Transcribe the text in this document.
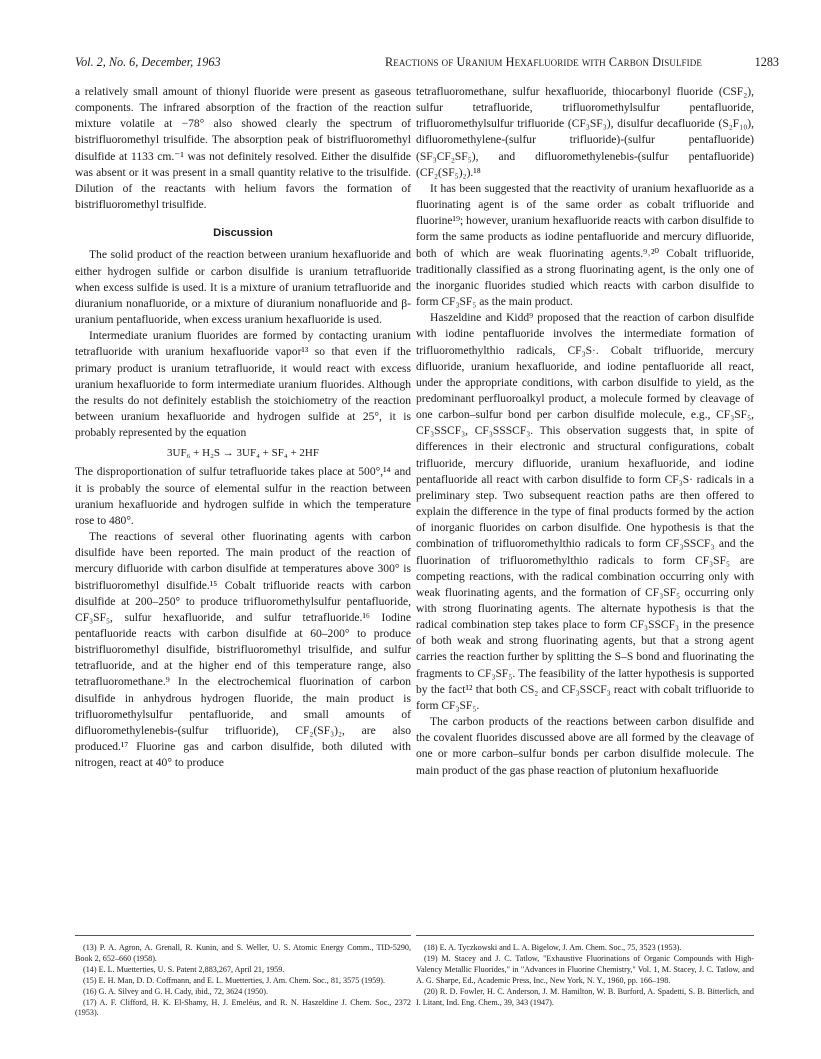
Vol. 2, No. 6, December, 1963	Reactions of Uranium Hexafluoride with Carbon Disulfide	1283

a relatively small amount of thionyl fluoride were present as gaseous components. The infrared absorption of the fraction of the reaction mixture volatile at −78° also showed clearly the spectrum of bistrifluoromethyl trisulfide. The absorption peak of bistrifluoromethyl disulfide at 1133 cm.⁻¹ was not definitely resolved. Either the disulfide was absent or it was present in a small quantity relative to the trisulfide. Dilution of the reactants with helium favors the formation of bistrifluoromethyl trisulfide.

Discussion

The solid product of the reaction between uranium hexafluoride and either hydrogen sulfide or carbon disulfide is uranium tetrafluoride when excess sulfide is used. It is a mixture of uranium tetrafluoride and diuranium nonafluoride, or a mixture of diuranium nonafluoride and β-uranium pentafluoride, when excess uranium hexafluoride is used.

Intermediate uranium fluorides are formed by contacting uranium tetrafluoride with uranium hexafluoride vapor¹³ so that even if the primary product is uranium tetrafluoride, it would react with excess uranium hexafluoride to form intermediate uranium fluorides. Although the results do not definitely establish the stoichiometry of the reaction between uranium hexafluoride and hydrogen sulfide at 25°, it is probably represented by the equation

3UF₆ + H₂S → 3UF₄ + SF₄ + 2HF

The disproportionation of sulfur tetrafluoride takes place at 500°,¹⁴ and it is probably the source of elemental sulfur in the reaction between uranium hexafluoride and hydrogen sulfide in which the temperature rose to 480°.

The reactions of several other fluorinating agents with carbon disulfide have been reported. The main product of the reaction of mercury difluoride with carbon disulfide at temperatures above 300° is bistrifluoromethyl disulfide.¹⁵ Cobalt trifluoride reacts with carbon disulfide at 200–250° to produce trifluoromethylsulfur pentafluoride, CF₃SF₅, sulfur hexafluoride, and sulfur tetrafluoride.¹⁶ Iodine pentafluoride reacts with carbon disulfide at 60–200° to produce bistrifluoromethyl disulfide, bistrifluoromethyl trisulfide, and sulfur tetrafluoride, and at the higher end of this temperature range, also tetrafluoromethane.⁹ In the electrochemical fluorination of carbon disulfide in anhydrous hydrogen fluoride, the main product is trifluoromethylsulfur pentafluoride, and small amounts of difluoromethylenebis-(sulfur trifluoride), CF₂(SF₃)₂, are also produced.¹⁷ Fluorine gas and carbon disulfide, both diluted with nitrogen, react at 40° to produce

tetrafluoromethane, sulfur hexafluoride, thiocarbonyl fluoride (CSF₂), sulfur tetrafluoride, trifluoromethylsulfur pentafluoride, trifluoromethylsulfur trifluoride (CF₃SF₃), disulfur decafluoride (S₂F₁₀), difluoromethylene-(sulfur trifluoride)-(sulfur pentafluoride) (SF₃CF₂SF₅), and difluoromethylenebis-(sulfur pentafluoride) (CF₂(SF₅)₂).¹⁸

It has been suggested that the reactivity of uranium hexafluoride as a fluorinating agent is of the same order as cobalt trifluoride and fluorine¹⁹; however, uranium hexafluoride reacts with carbon disulfide to form the same products as iodine pentafluoride and mercury difluoride, both of which are weak fluorinating agents.⁹˒²⁰ Cobalt trifluoride, traditionally classified as a strong fluorinating agent, is the only one of the inorganic fluorides studied which reacts with carbon disulfide to form CF₃SF₅ as the main product.

Haszeldine and Kidd⁹ proposed that the reaction of carbon disulfide with iodine pentafluoride involves the intermediate formation of trifluoromethylthio radicals, CF₃S·. Cobalt trifluoride, mercury difluoride, uranium hexafluoride, and iodine pentafluoride all react, under the appropriate conditions, with carbon disulfide to yield, as the predominant perfluoroalkyl product, a molecule formed by cleavage of one carbon–sulfur bond per carbon disulfide molecule, e.g., CF₃SF₅, CF₃SSCF₃, CF₃SSSCF₃. This observation suggests that, in spite of differences in their electronic and structural configurations, cobalt trifluoride, mercury difluoride, uranium hexafluoride, and iodine pentafluoride all react with carbon disulfide to form CF₃S· radicals in a preliminary step. Two subsequent reaction paths are then offered to explain the difference in the type of final products formed by the action of inorganic fluorides on carbon disulfide. One hypothesis is that the combination of trifluoromethylthio radicals to form CF₃SSCF₃ and the fluorination of trifluoromethylthio radicals to form CF₃SF₅ are competing reactions, with the radical combination occurring only with weak fluorinating agents, and the formation of CF₃SF₅ occurring only with strong fluorinating agents. The alternate hypothesis is that the radical combination step takes place to form CF₃SSCF₃ in the presence of both weak and strong fluorinating agents, but that a strong agent carries the reaction further by splitting the S–S bond and fluorinating the fragments to CF₃SF₅. The feasibility of the latter hypothesis is supported by the fact¹² that both CS₂ and CF₃SSCF₃ react with cobalt trifluoride to form CF₃SF₅.

The carbon products of the reactions between carbon disulfide and the covalent fluorides discussed above are all formed by the cleavage of one or more carbon–sulfur bonds per carbon disulfide molecule. The main product of the gas phase reaction of plutonium hexafluoride

(13) P. A. Agron, A. Grenall, R. Kunin, and S. Weller, U. S. Atomic Energy Comm., TID-5290, Book 2, 652–660 (1958).

(14) E. L. Muetterties, U. S. Patent 2,883,267, April 21, 1959.

(15) E. H. Man, D. D. Coffmann, and E. L. Muetterties, J. Am. Chem. Soc., 81, 3575 (1959).

(16) G. A. Silvey and G. H. Cady, ibid., 72, 3624 (1950).

(17) A. F. Clifford, H. K. El-Shamy, H. J. Emeléus, and R. N. Haszeldine J. Chem. Soc., 2372 (1953).

(18) E. A. Tyczkowski and L. A. Bigelow, J. Am. Chem. Soc., 75, 3523 (1953).

(19) M. Stacey and J. C. Tatlow, "Exhaustive Fluorinations of Organic Compounds with High-Valency Metallic Fluorides," in "Advances in Fluorine Chemistry," Vol. 1, M. Stacey, J. C. Tatlow, and A. G. Sharpe, Ed., Academic Press, Inc., New York, N. Y., 1960, pp. 166–198.

(20) R. D. Fowler, H. C. Anderson, J. M. Hamilton, W. B. Burford, A. Spadetti, S. B. Bitterlich, and I. Litant, Ind. Eng. Chem., 39, 343 (1947).
